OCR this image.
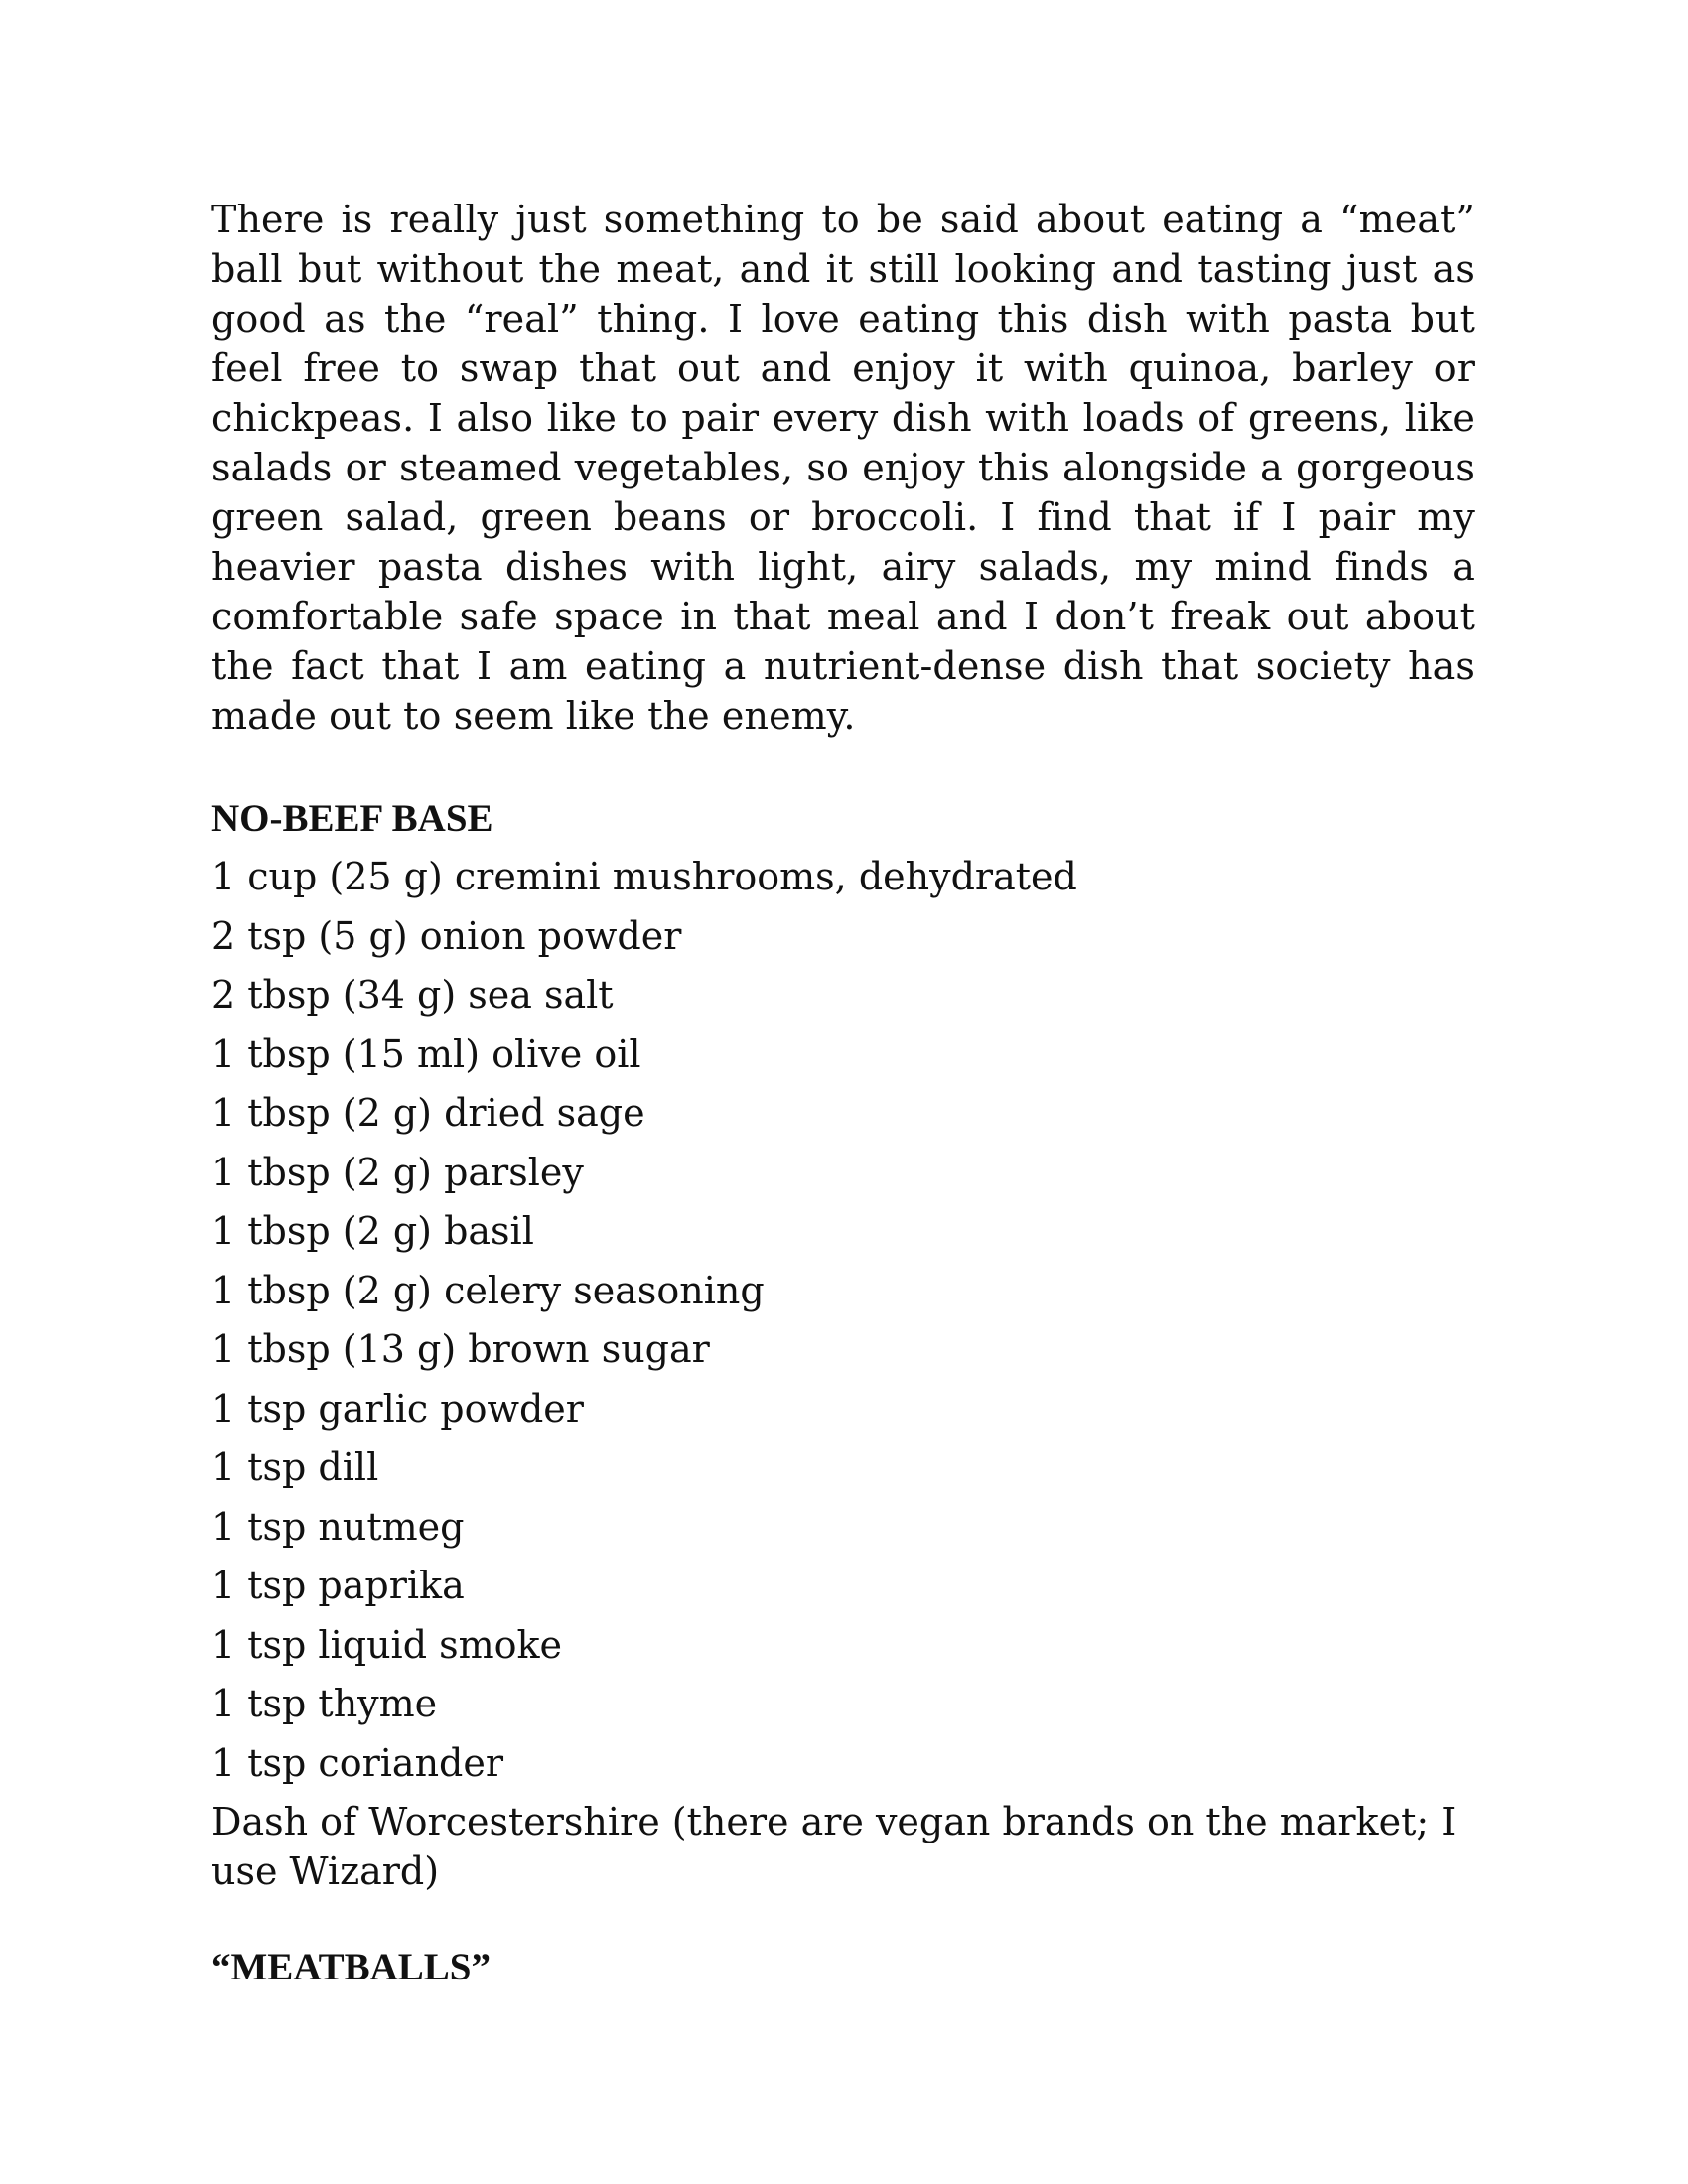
There is really just something to be said about eating a “meat” ball but without the meat, and it still looking and tasting just as good as the “real” thing. I love eating this dish with pasta but feel free to swap that out and enjoy it with quinoa, barley or chickpeas. I also like to pair every dish with loads of greens, like salads or steamed vegetables, so enjoy this alongside a gorgeous green salad, green beans or broccoli. I find that if I pair my heavier pasta dishes with light, airy salads, my mind finds a comfortable safe space in that meal and I don’t freak out about the fact that I am eating a nutrient-dense dish that society has made out to seem like the enemy.

NO-BEEF BASE
1 cup (25 g) cremini mushrooms, dehydrated
2 tsp (5 g) onion powder
2 tbsp (34 g) sea salt
1 tbsp (15 ml) olive oil
1 tbsp (2 g) dried sage
1 tbsp (2 g) parsley
1 tbsp (2 g) basil
1 tbsp (2 g) celery seasoning
1 tbsp (13 g) brown sugar
1 tsp garlic powder
1 tsp dill
1 tsp nutmeg
1 tsp paprika
1 tsp liquid smoke
1 tsp thyme
1 tsp coriander
Dash of Worcestershire (there are vegan brands on the market; I use Wizard)
“MEATBALLS”
